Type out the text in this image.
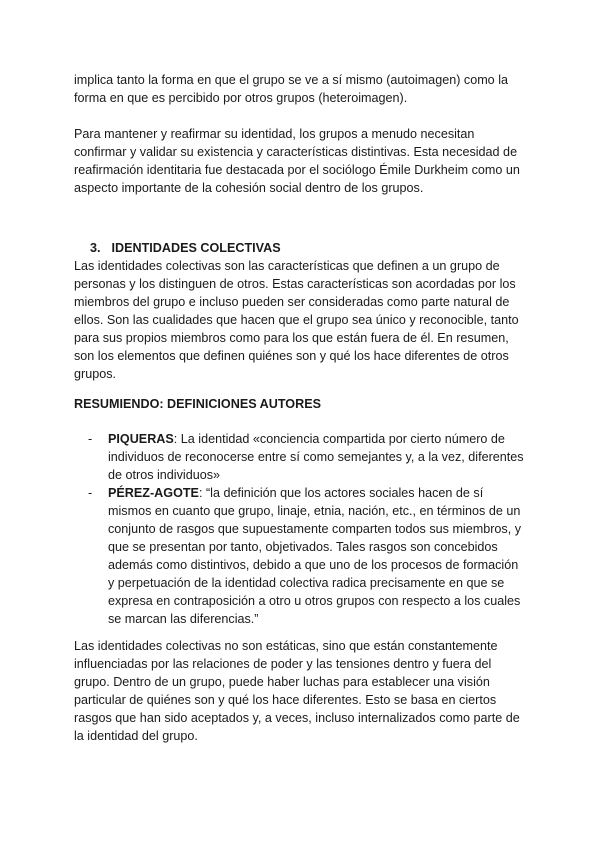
implica tanto la forma en que el grupo se ve a sí mismo (autoimagen) como la forma en que es percibido por otros grupos (heteroimagen).

Para mantener y reafirmar su identidad, los grupos a menudo necesitan confirmar y validar su existencia y características distintivas. Esta necesidad de reafirmación identitaria fue destacada por el sociólogo Émile Durkheim como un aspecto importante de la cohesión social dentro de los grupos.

3. IDENTIDADES COLECTIVAS

Las identidades colectivas son las características que definen a un grupo de personas y los distinguen de otros. Estas características son acordadas por los miembros del grupo e incluso pueden ser consideradas como parte natural de ellos. Son las cualidades que hacen que el grupo sea único y reconocible, tanto para sus propios miembros como para los que están fuera de él. En resumen, son los elementos que definen quiénes son y qué los hace diferentes de otros grupos.

RESUMIENDO: DEFINICIONES AUTORES
- PIQUERAS: La identidad «conciencia compartida por cierto número de individuos de reconocerse entre sí como semejantes y, a la vez, diferentes de otros individuos»
- PÉREZ-AGOTE: “la definición que los actores sociales hacen de sí mismos en cuanto que grupo, linaje, etnia, nación, etc., en términos de un conjunto de rasgos que supuestamente comparten todos sus miembros, y que se presentan por tanto, objetivados. Tales rasgos son concebidos además como distintivos, debido a que uno de los procesos de formación y perpetuación de la identidad colectiva radica precisamente en que se expresa en contraposición a otro u otros grupos con respecto a los cuales se marcan las diferencias.”

Las identidades colectivas no son estáticas, sino que están constantemente influenciadas por las relaciones de poder y las tensiones dentro y fuera del grupo. Dentro de un grupo, puede haber luchas para establecer una visión particular de quiénes son y qué los hace diferentes. Esto se basa en ciertos rasgos que han sido aceptados y, a veces, incluso internalizados como parte de la identidad del grupo.
